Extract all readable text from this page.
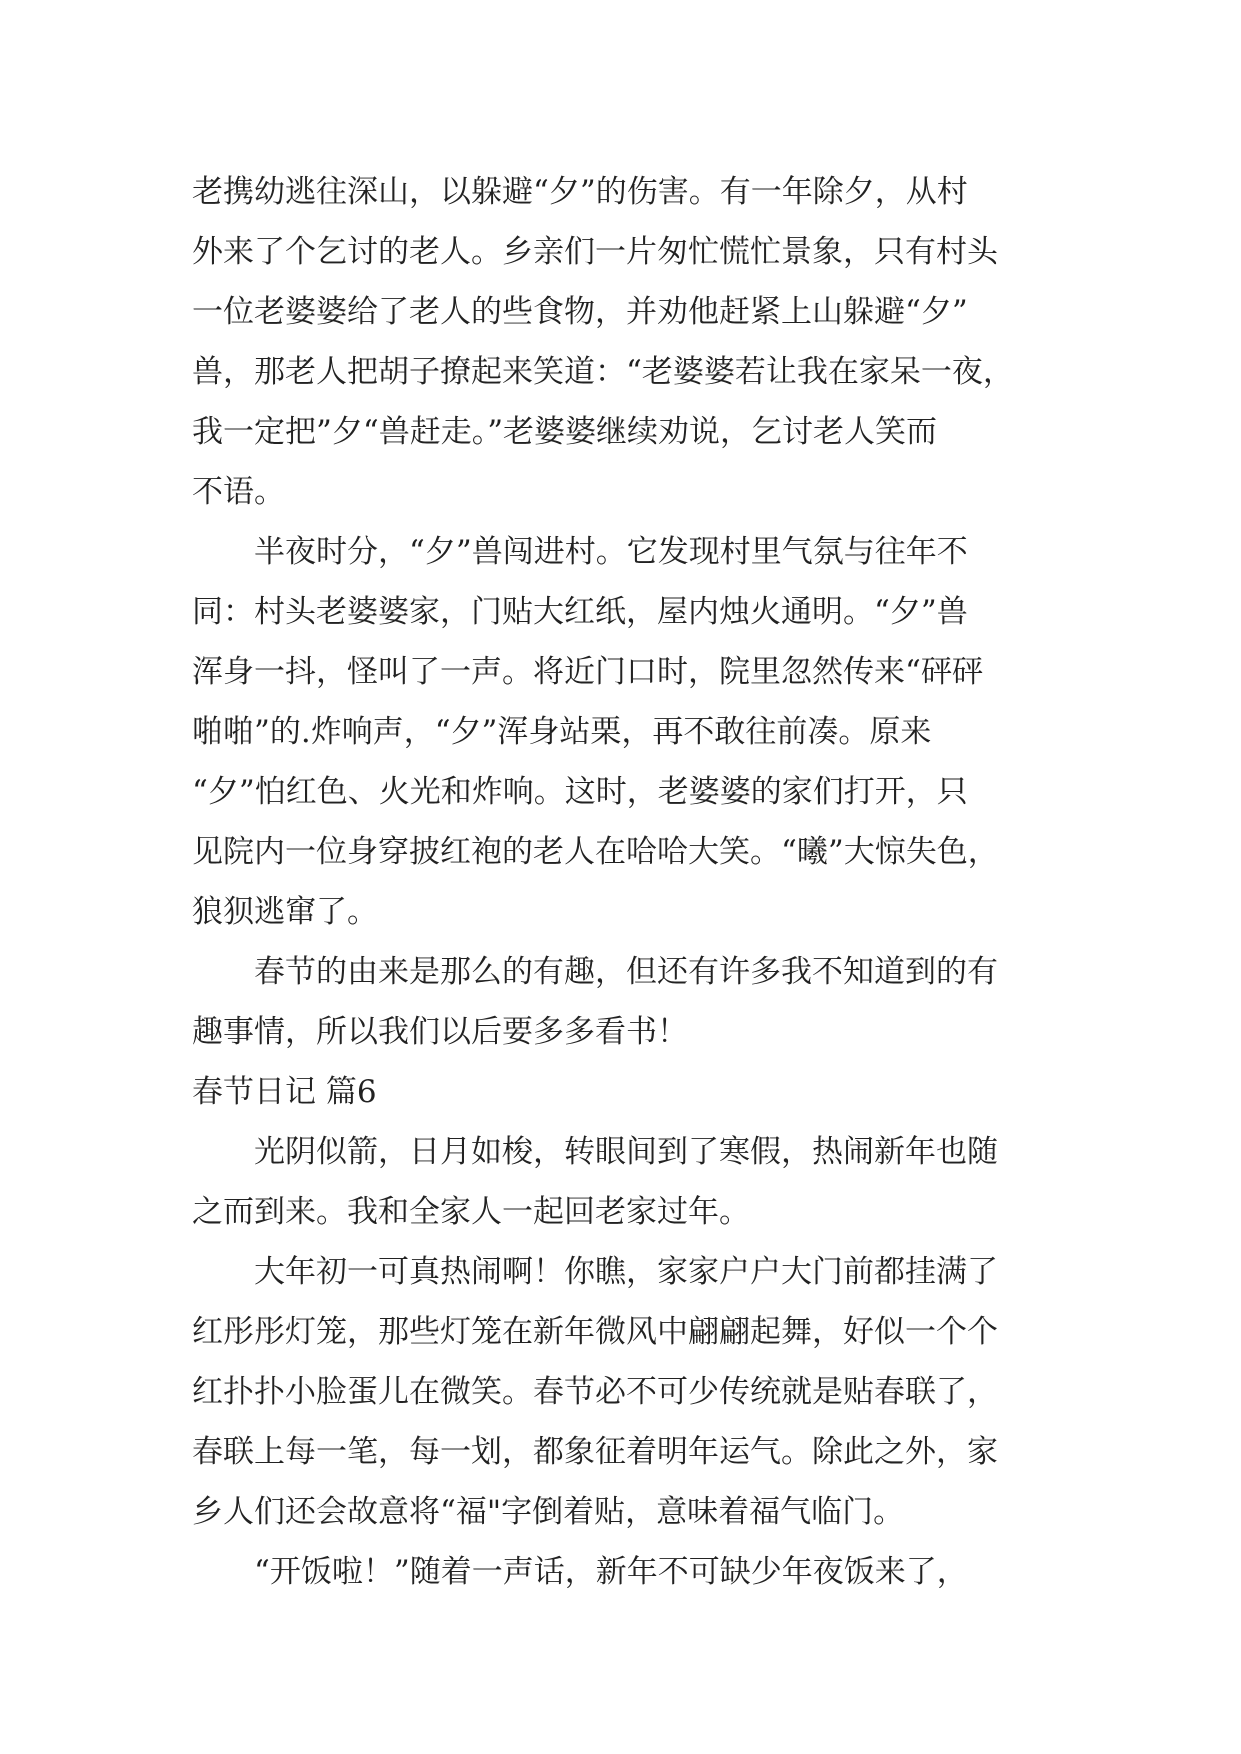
老携幼逃往深山，以躲避“夕”的伤害。有一年除夕，从村
外来了个乞讨的老人。乡亲们一片匆忙慌忙景象，只有村头
一位老婆婆给了老人的些食物，并劝他赶紧上山躲避“夕”
兽，那老人把胡子撩起来笑道：“老婆婆若让我在家呆一夜，
我一定把”夕“兽赶走。”老婆婆继续劝说，乞讨老人笑而
不语。
　　半夜时分，“夕”兽闯进村。它发现村里气氛与往年不
同：村头老婆婆家，门贴大红纸，屋内烛火通明。“夕”兽
浑身一抖，怪叫了一声。将近门口时，院里忽然传来“砰砰
啪啪”的.炸响声，“夕”浑身站栗，再不敢往前凑。原来
“夕”怕红色、火光和炸响。这时，老婆婆的家们打开，只
见院内一位身穿披红袍的老人在哈哈大笑。“曦”大惊失色，
狼狈逃窜了。
　　春节的由来是那么的有趣，但还有许多我不知道到的有
趣事情，所以我们以后要多多看书！
春节日记 篇6
　　光阴似箭，日月如梭，转眼间到了寒假，热闹新年也随
之而到来。我和全家人一起回老家过年。
　　大年初一可真热闹啊！你瞧，家家户户大门前都挂满了
红彤彤灯笼，那些灯笼在新年微风中翩翩起舞，好似一个个
红扑扑小脸蛋儿在微笑。春节必不可少传统就是贴春联了，
春联上每一笔，每一划，都象征着明年运气。除此之外，家
乡人们还会故意将“福"字倒着贴，意味着福气临门。
　　“开饭啦！”随着一声话，新年不可缺少年夜饭来了，
